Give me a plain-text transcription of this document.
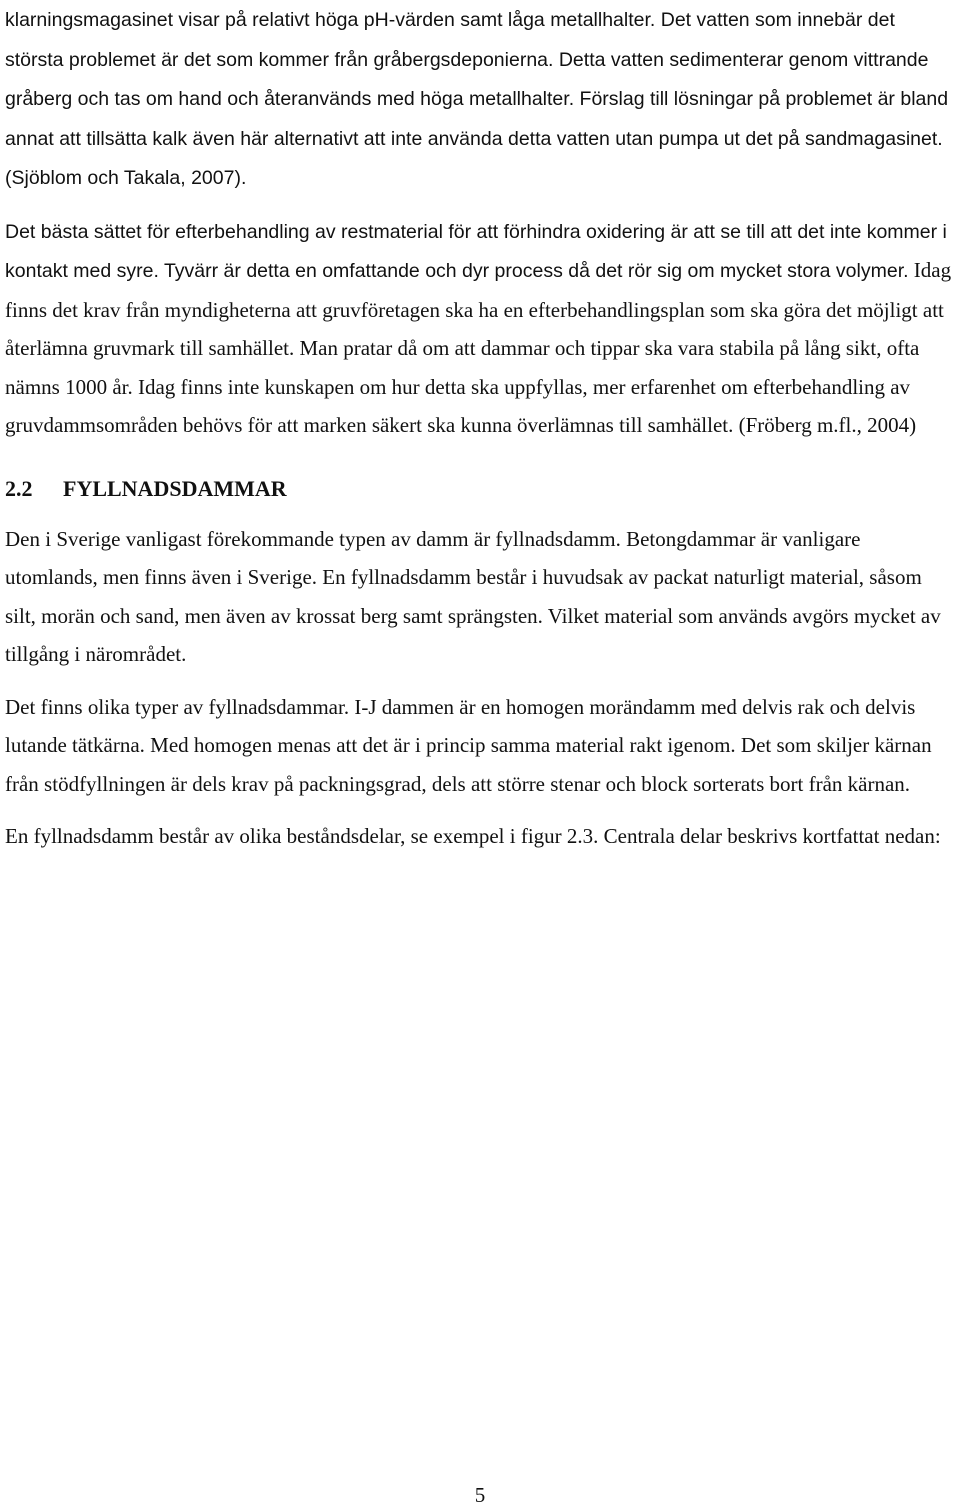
klarningsmagasinet visar på relativt höga pH-värden samt låga metallhalter. Det vatten som innebär det största problemet är det som kommer från gråbergsdeponierna. Detta vatten sedimenterar genom vittrande gråberg och tas om hand och återanvänds med höga metallhalter. Förslag till lösningar på problemet är bland annat att tillsätta kalk även här alternativt att inte använda detta vatten utan pumpa ut det på sandmagasinet. (Sjöblom och Takala, 2007).

Det bästa sättet för efterbehandling av restmaterial för att förhindra oxidering är att se till att det inte kommer i kontakt med syre. Tyvärr är detta en omfattande och dyr process då det rör sig om mycket stora volymer. Idag finns det krav från myndigheterna att gruvföretagen ska ha en efterbehandlingsplan som ska göra det möjligt att återlämna gruvmark till samhället. Man pratar då om att dammar och tippar ska vara stabila på lång sikt, ofta nämns 1000 år. Idag finns inte kunskapen om hur detta ska uppfyllas, mer erfarenhet om efterbehandling av gruvdammsområden behövs för att marken säkert ska kunna överlämnas till samhället. (Fröberg m.fl., 2004)

2.2	FYLLNADSDAMMAR

Den i Sverige vanligast förekommande typen av damm är fyllnadsdamm. Betongdammar är vanligare utomlands, men finns även i Sverige. En fyllnadsdamm består i huvudsak av packat naturligt material, såsom silt, morän och sand, men även av krossat berg samt sprängsten. Vilket material som används avgörs mycket av tillgång i närområdet.

Det finns olika typer av fyllnadsdammar. I-J dammen är en homogen morändamm med delvis rak och delvis lutande tätkärna. Med homogen menas att det är i princip samma material rakt igenom. Det som skiljer kärnan från stödfyllningen är dels krav på packningsgrad, dels att större stenar och block sorterats bort från kärnan.

En fyllnadsdamm består av olika beståndsdelar, se exempel i figur 2.3. Centrala delar beskrivs kortfattat nedan:

5
